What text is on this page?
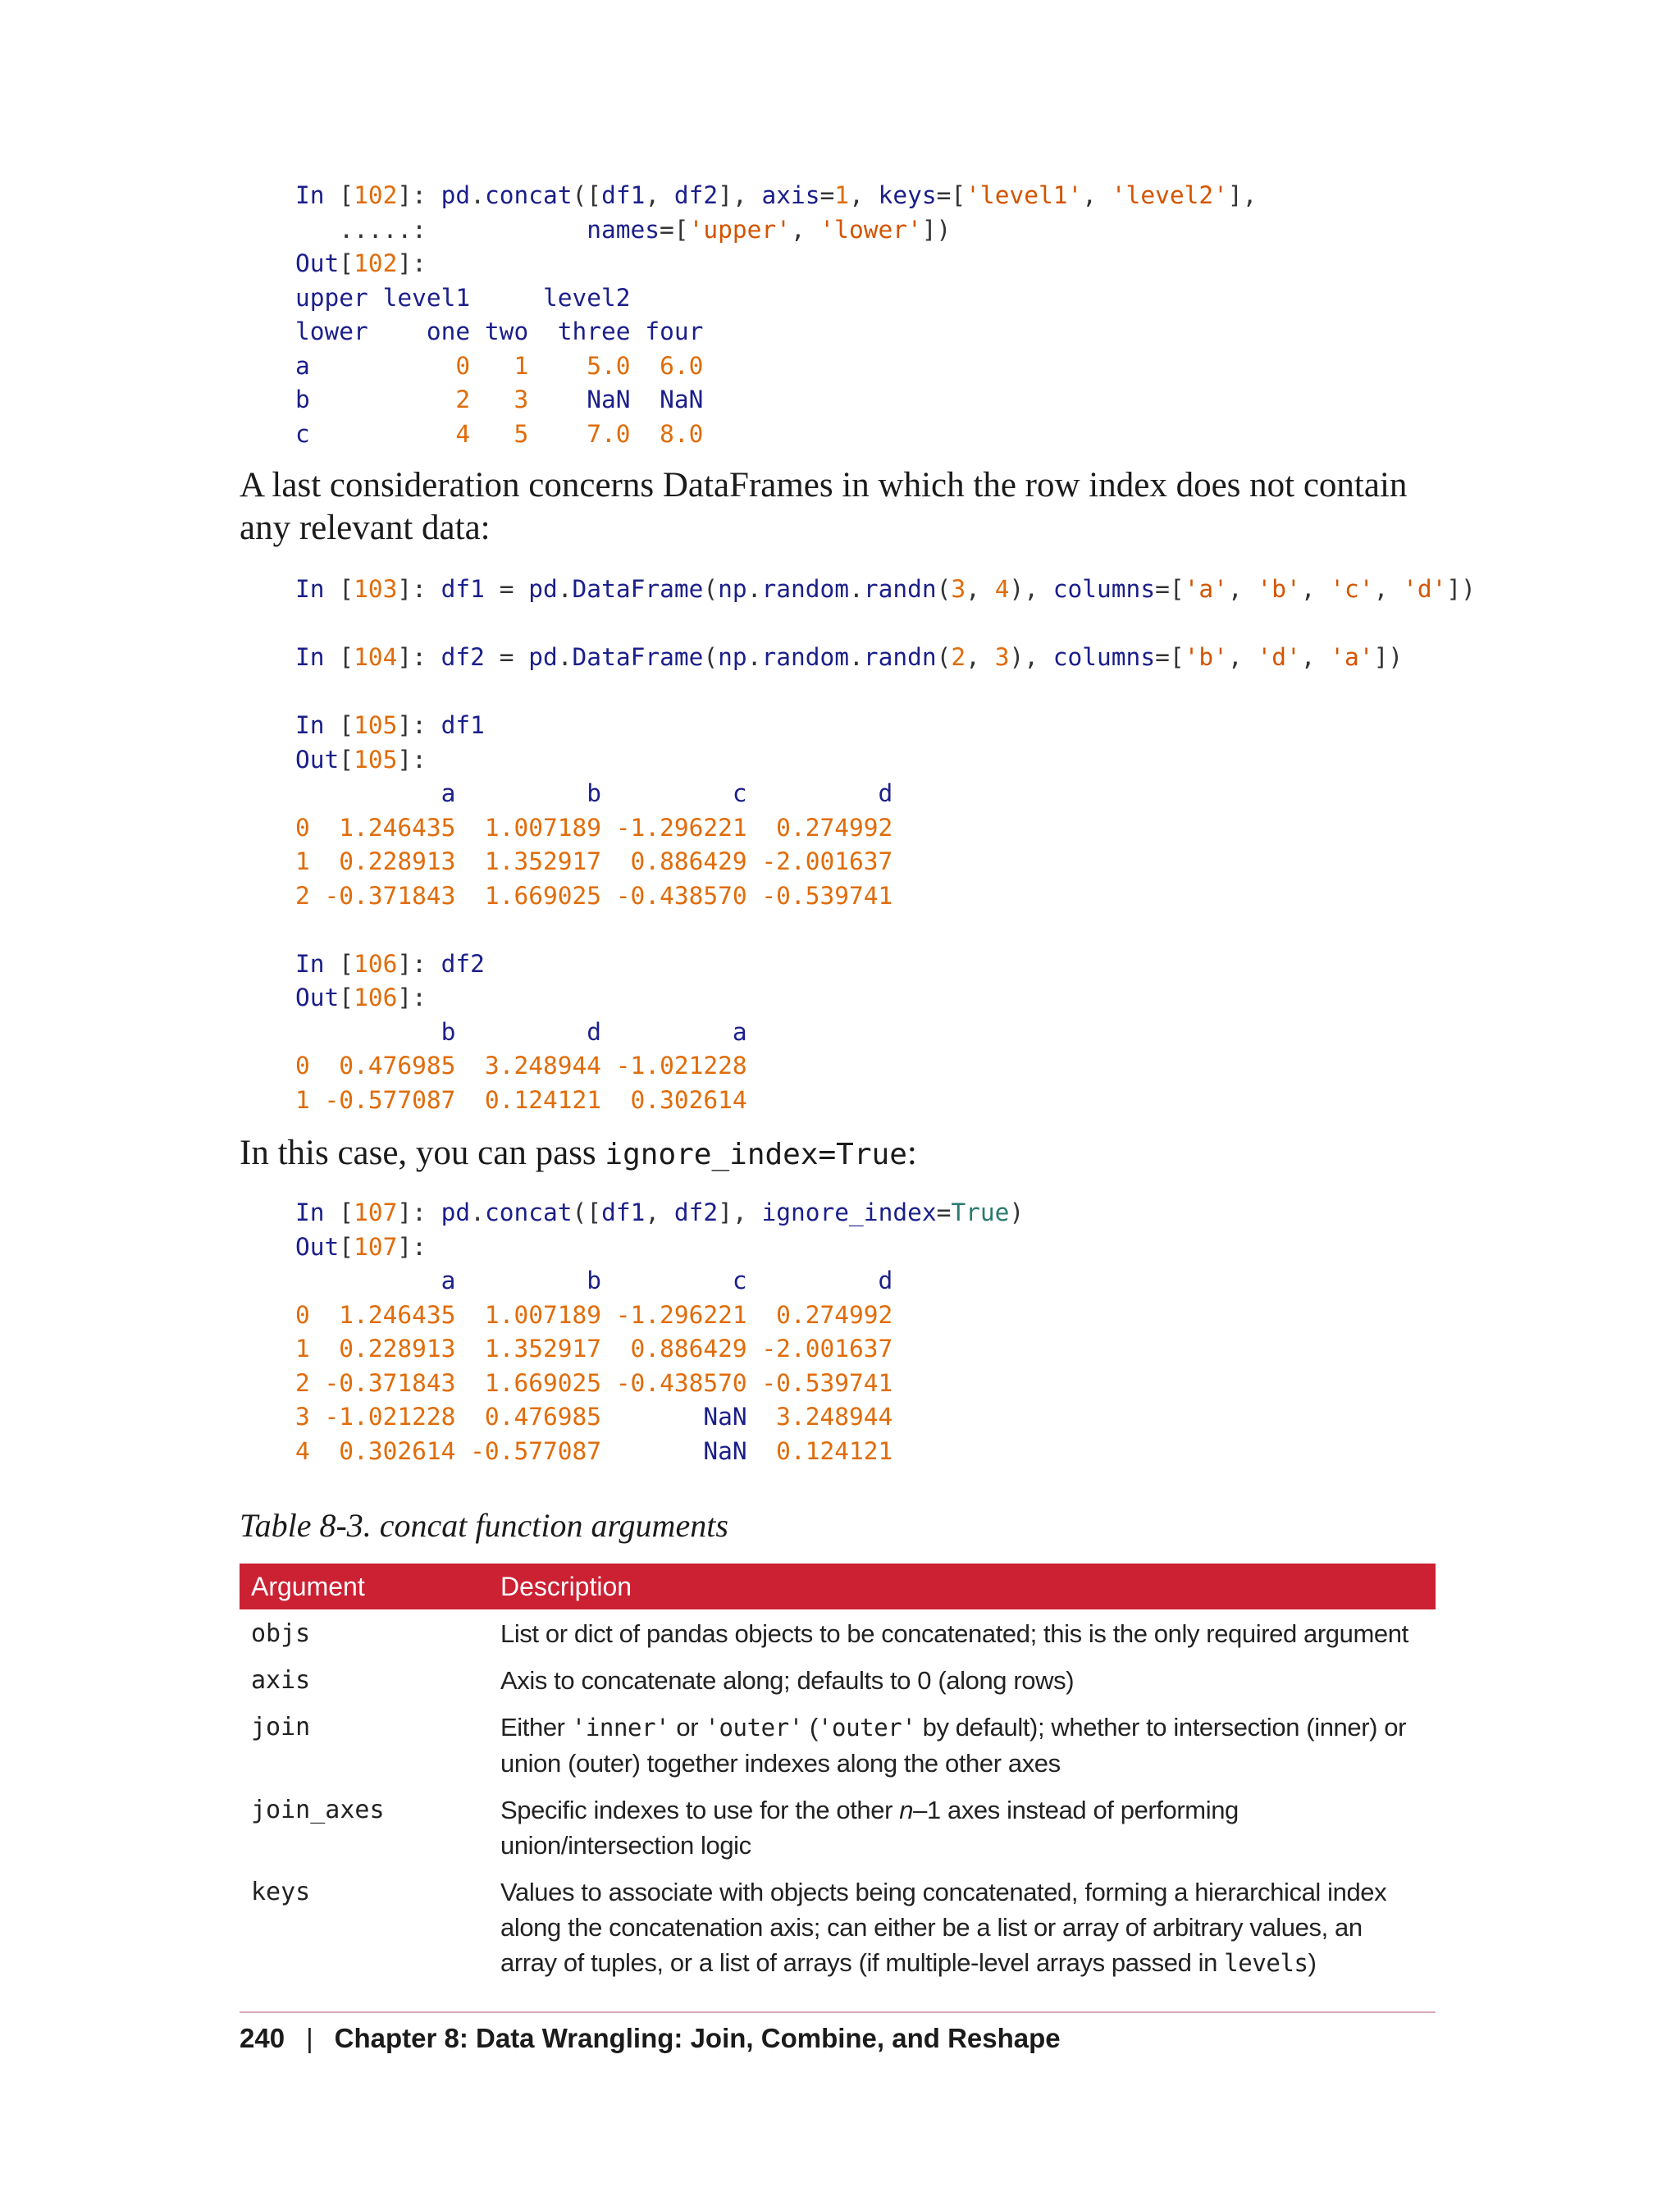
In [102]: pd.concat([df1, df2], axis=1, keys=['level1', 'level2'],
.....:	names=['upper', 'lower'])
Out[102]:
upper level1	level2
lower one two three four
a	0 1 5.0 6.0
b	2 3 NaN NaN
c	4 5 7.0 8.0

A last consideration concerns DataFrames in which the row index does not contain any relevant data:

In [103]: df1 = pd.DataFrame(np.random.randn(3, 4), columns=['a', 'b', 'c', 'd'])

In [104]: df2 = pd.DataFrame(np.random.randn(2, 3), columns=['b', 'd', 'a'])

In [105]: df1
Out[105]:
a	b	c	d
0 1.246435 1.007189 -1.296221 0.274992
1 0.228913 1.352917 0.886429 -2.001637
2 -0.371843 1.669025 -0.438570 -0.539741

In [106]: df2
Out[106]:
b	d	a
0 0.476985 3.248944 -1.021228
1 -0.577087 0.124121 0.302614

In this case, you can pass ignore_index=True:

In [107]: pd.concat([df1, df2], ignore_index=True)
Out[107]:
a	b	c	d
0 1.246435 1.007189 -1.296221 0.274992
1 0.228913 1.352917 0.886429 -2.001637
2 -0.371843 1.669025 -0.438570 -0.539741
3 -1.021228 0.476985	NaN 3.248944
4 0.302614 -0.577087	NaN 0.124121

Table 8-3. concat function arguments

Argument	Description
objs	List or dict of pandas objects to be concatenated; this is the only required argument
axis	Axis to concatenate along; defaults to 0 (along rows)
join	Either 'inner' or 'outer' ('outer' by default); whether to intersection (inner) or union (outer) together indexes along the other axes
join_axes	Specific indexes to use for the other n–1 axes instead of performing union/intersection logic
keys	Values to associate with objects being concatenated, forming a hierarchical index along the concatenation axis; can either be a list or array of arbitrary values, an array of tuples, or a list of arrays (if multiple-level arrays passed in levels)
240 | Chapter 8: Data Wrangling: Join, Combine, and Reshape
